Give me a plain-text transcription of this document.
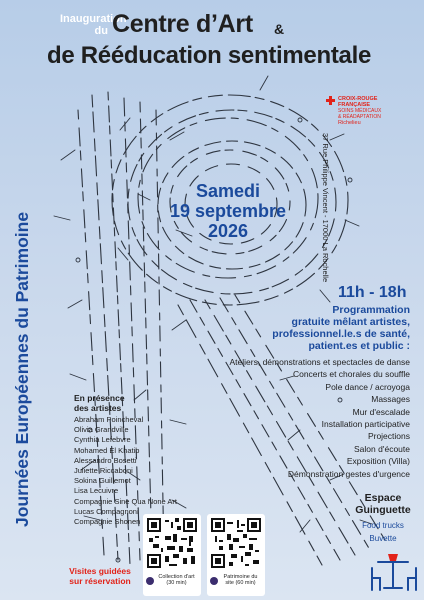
Inauguration
du Centre d’Art &
de Rééducation sentimentale
CROIX-ROUGE
FRANÇAISE
SOINS MÉDICAUX
& RÉADAPTATION
Richelieu
Samedi
19 septembre
2026	37 Rue Philippe Vincent - 17000 La Rochelle
Journées Européennes du Patrimoine	11h - 18h
Programmation
gratuite mêlant artistes,
professionnel.le.s de santé,
patient.es et public :
Ateliers, démonstrations et spectacles de danse
Concerts et chorales du souffle
Pole dance / acroyoga
Massages
Mur d'escalade
Installation participative
Projections
Salon d'écoute
Exposition (Villa)
Démonstration gestes d'urgence
En présence
des artistes
Abraham Poincheval
Olivia Grandville
Cynthia Lefebvre
Mohamed El Khatib
Alessandro Bosetti
Juliette Riccaboni
Sokina Guillemot
Lisa Lecuivre
Compagnie Sine Qua None Art
Lucas Compagnoni
Compagnie Shonen
Espace
Guinguette
Food trucks
Buvette
Visites guidées
sur réservation	Collection d'art
(30 min)
Patrimoine du
site (60 min)
